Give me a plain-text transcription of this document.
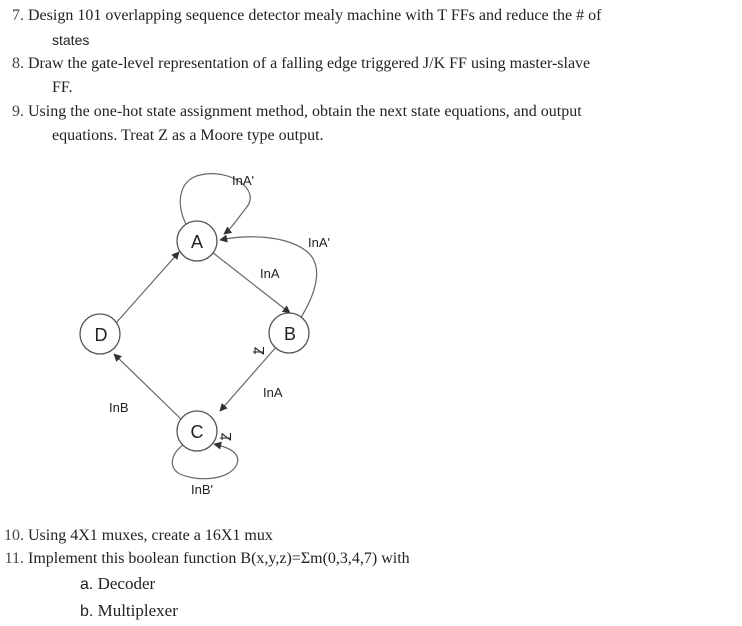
7. Design 101 overlapping sequence detector mealy machine with T FFs and reduce the # of
states
8. Draw the gate-level representation of a falling edge triggered J/K FF using master-slave
FF.
9. Using the one-hot state assignment method, obtain the next state equations, and output
equations. Treat Z as a Moore type output.
A
B
C
D
InA'
InA'
InA
InA
InB
InB'
Z
Z
10. Using 4X1 muxes, create a 16X1 mux
11. Implement this boolean function B(x,y,z)=Σm(0,3,4,7) with
a. Decoder
b. Multiplexer
